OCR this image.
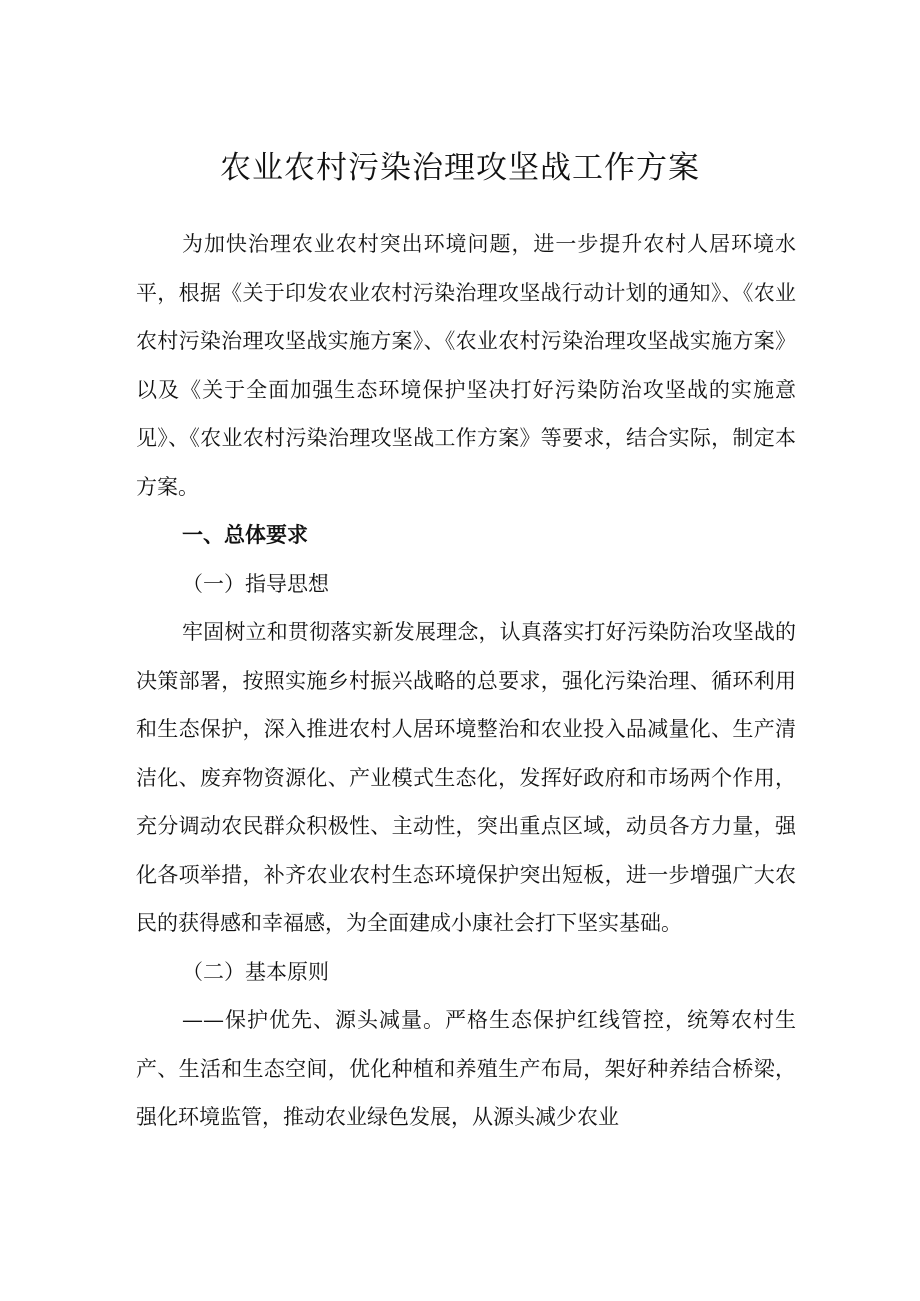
农业农村污染治理攻坚战工作方案

为加快治理农业农村突出环境问题，进一步提升农村人居环境水平，根据《关于印发农业农村污染治理攻坚战行动计划的通知》、《农业农村污染治理攻坚战实施方案》、《农业农村污染治理攻坚战实施方案》以及《关于全面加强生态环境保护坚决打好污染防治攻坚战的实施意见》、《农业农村污染治理攻坚战工作方案》等要求，结合实际，制定本方案。

一、总体要求

（一）指导思想

牢固树立和贯彻落实新发展理念，认真落实打好污染防治攻坚战的决策部署，按照实施乡村振兴战略的总要求，强化污染治理、循环利用和生态保护，深入推进农村人居环境整治和农业投入品减量化、生产清洁化、废弃物资源化、产业模式生态化，发挥好政府和市场两个作用，充分调动农民群众积极性、主动性，突出重点区域，动员各方力量，强化各项举措，补齐农业农村生态环境保护突出短板，进一步增强广大农民的获得感和幸福感，为全面建成小康社会打下坚实基础。

（二）基本原则

——保护优先、源头减量。严格生态保护红线管控，统筹农村生产、生活和生态空间，优化种植和养殖生产布局，架好种养结合桥梁，强化环境监管，推动农业绿色发展，从源头减少农业
